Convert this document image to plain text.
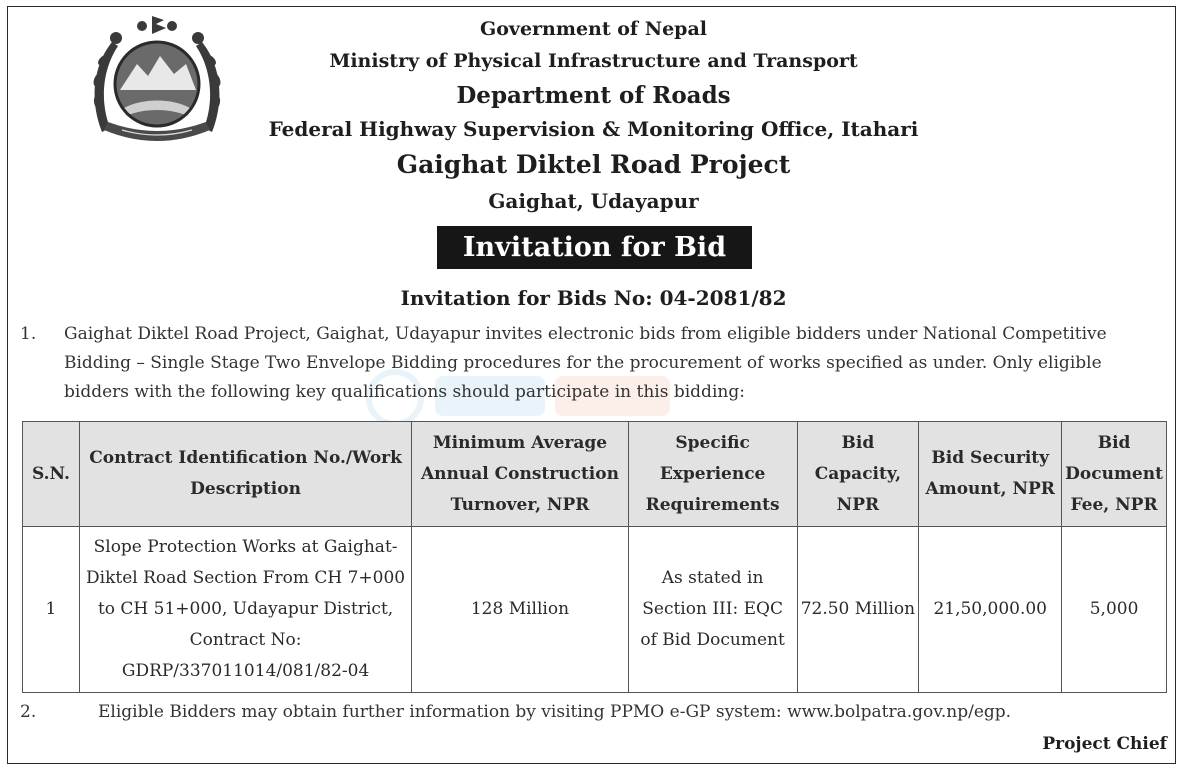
Government of Nepal
Ministry of Physical Infrastructure and Transport
Department of Roads
Federal Highway Supervision & Monitoring Office, Itahari
Gaighat Diktel Road Project
Gaighat, Udayapur
Invitation for Bid
Invitation for Bids No: 04-2081/82
1. Gaighat Diktel Road Project, Gaighat, Udayapur invites electronic bids from eligible bidders under National Competitive Bidding – Single Stage Two Envelope Bidding procedures for the procurement of works specified as under. Only eligible bidders with the following key qualifications should participate in this bidding:
S.N.	Contract Identification No./Work Description	Minimum Average Annual Construction Turnover, NPR	Specific Experience Requirements	Bid Capacity, NPR	Bid Security Amount, NPR	Bid Document Fee, NPR
1	Slope Protection Works at Gaighat-Diktel Road Section From CH 7+000 to CH 51+000, Udayapur District, Contract No: GDRP/337011014/081/82-04	128 Million	As stated in Section III: EQC of Bid Document	72.50 Million	21,50,000.00	5,000
2.	Eligible Bidders may obtain further information by visiting PPMO e-GP system: www.bolpatra.gov.np/egp.
Project Chief
